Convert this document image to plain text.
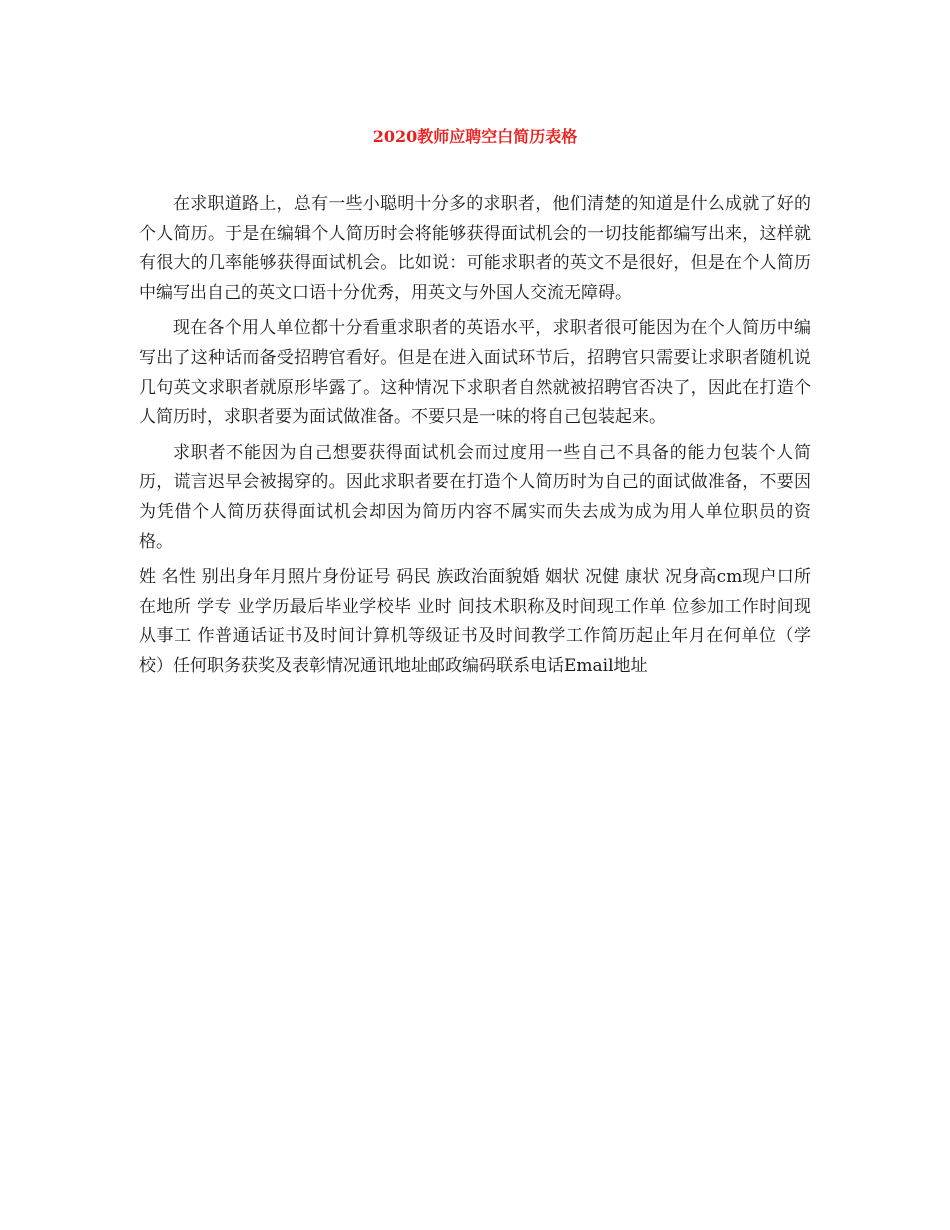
2020教师应聘空白简历表格

在求职道路上，总有一些小聪明十分多的求职者，他们清楚的知道是什么成就了好的个人简历。于是在编辑个人简历时会将能够获得面试机会的一切技能都编写出来，这样就有很大的几率能够获得面试机会。比如说：可能求职者的英文不是很好，但是在个人简历中编写出自己的英文口语十分优秀，用英文与外国人交流无障碍。

现在各个用人单位都十分看重求职者的英语水平，求职者很可能因为在个人简历中编写出了这种话而备受招聘官看好。但是在进入面试环节后，招聘官只需要让求职者随机说几句英文求职者就原形毕露了。这种情况下求职者自然就被招聘官否决了，因此在打造个人简历时，求职者要为面试做准备。不要只是一味的将自己包装起来。

求职者不能因为自己想要获得面试机会而过度用一些自己不具备的能力包装个人简历，谎言迟早会被揭穿的。因此求职者要在打造个人简历时为自己的面试做准备，不要因为凭借个人简历获得面试机会却因为简历内容不属实而失去成为成为用人单位职员的资格。

姓 名性 别出身年月照片身份证号 码民 族政治面貌婚 姻状 况健 康状 况身高cm现户口所在地所 学专 业学历最后毕业学校毕 业时 间技术职称及时间现工作单 位参加工作时间现从事工 作普通话证书及时间计算机等级证书及时间教学工作简历起止年月在何单位（学校）任何职务获奖及表彰情况通讯地址邮政编码联系电话Email地址
